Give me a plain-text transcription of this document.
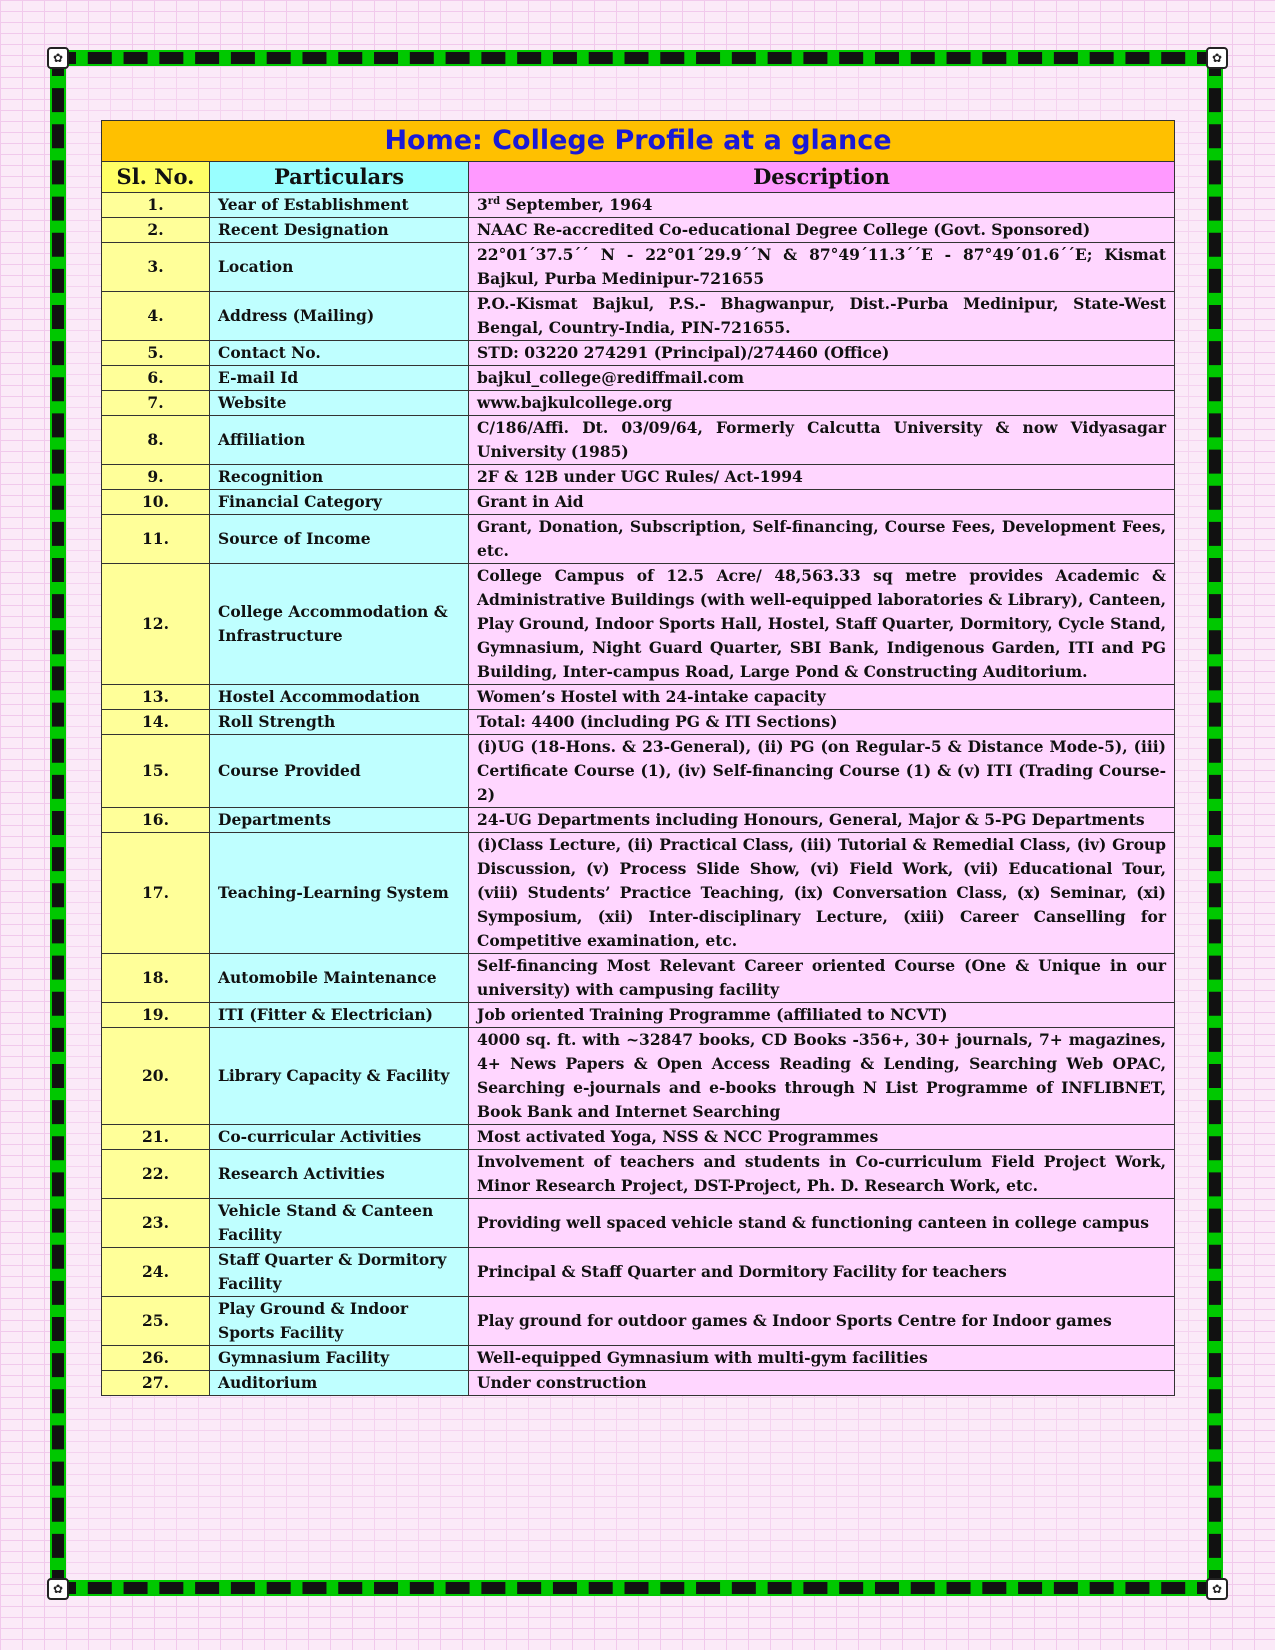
✿	✿
✿	✿
Home: College Profile at a glance		
Sl. No.	Particulars	Description
1.	Year of Establishment	3rd September, 1964
2.	Recent Designation	NAAC Re-accredited Co-educational Degree College (Govt. Sponsored)
3.	Location	22°01´37.5´´ N - 22°01´29.9´´N & 87°49´11.3´´E - 87°49´01.6´´E; Kismat Bajkul, Purba Medinipur-721655
4.	Address (Mailing)	P.O.-Kismat Bajkul, P.S.- Bhagwanpur, Dist.-Purba Medinipur, State-West Bengal, Country-India, PIN-721655.
5.	Contact No.	STD: 03220 274291 (Principal)/274460 (Office)
6.	E-mail Id	bajkul_college@rediffmail.com
7.	Website	www.bajkulcollege.org
8.	Affiliation	C/186/Affi. Dt. 03/09/64, Formerly Calcutta University & now Vidyasagar University (1985)
9.	Recognition	2F & 12B under UGC Rules/ Act-1994
10.	Financial Category	Grant in Aid
11.	Source of Income	Grant, Donation, Subscription, Self-financing, Course Fees, Development Fees, etc.
12.	College Accommodation & Infrastructure	College Campus of 12.5 Acre/ 48,563.33 sq metre provides Academic & Administrative Buildings (with well-equipped laboratories & Library), Canteen, Play Ground, Indoor Sports Hall, Hostel, Staff Quarter, Dormitory, Cycle Stand, Gymnasium, Night Guard Quarter, SBI Bank, Indigenous Garden, ITI and PG Building, Inter-campus Road, Large Pond & Constructing Auditorium.
13.	Hostel Accommodation	Women’s Hostel with 24-intake capacity
14.	Roll Strength	Total: 4400 (including PG & ITI Sections)
15.	Course Provided	(i)UG (18-Hons. & 23-General), (ii) PG (on Regular-5 & Distance Mode-5), (iii) Certificate Course (1), (iv) Self-financing Course (1) & (v) ITI (Trading Course-2)
16.	Departments	24-UG Departments including Honours, General, Major & 5-PG Departments
17.	Teaching-Learning System	(i)Class Lecture, (ii) Practical Class, (iii) Tutorial & Remedial Class, (iv) Group Discussion, (v) Process Slide Show, (vi) Field Work, (vii) Educational Tour, (viii) Students’ Practice Teaching, (ix) Conversation Class, (x) Seminar, (xi) Symposium, (xii) Inter-disciplinary Lecture, (xiii) Career Canselling for Competitive examination, etc.
18.	Automobile Maintenance	Self-financing Most Relevant Career oriented Course (One & Unique in our university) with campusing facility
19.	ITI (Fitter & Electrician)	Job oriented Training Programme (affiliated to NCVT)
20.	Library Capacity & Facility	4000 sq. ft. with ~32847 books, CD Books -356+, 30+ journals, 7+ magazines, 4+ News Papers & Open Access Reading & Lending, Searching Web OPAC, Searching e-journals and e-books through N List Programme of INFLIBNET, Book Bank and Internet Searching
21.	Co-curricular Activities	Most activated Yoga, NSS & NCC Programmes
22.	Research Activities	Involvement of teachers and students in Co-curriculum Field Project Work, Minor Research Project, DST-Project, Ph. D. Research Work, etc.
23.	Vehicle Stand & Canteen Facility	Providing well spaced vehicle stand & functioning canteen in college campus
24.	Staff Quarter & Dormitory Facility	Principal & Staff Quarter and Dormitory Facility for teachers
25.	Play Ground & Indoor Sports Facility	Play ground for outdoor games & Indoor Sports Centre for Indoor games
26.	Gymnasium Facility	Well-equipped Gymnasium with multi-gym facilities
27.	Auditorium	Under construction
